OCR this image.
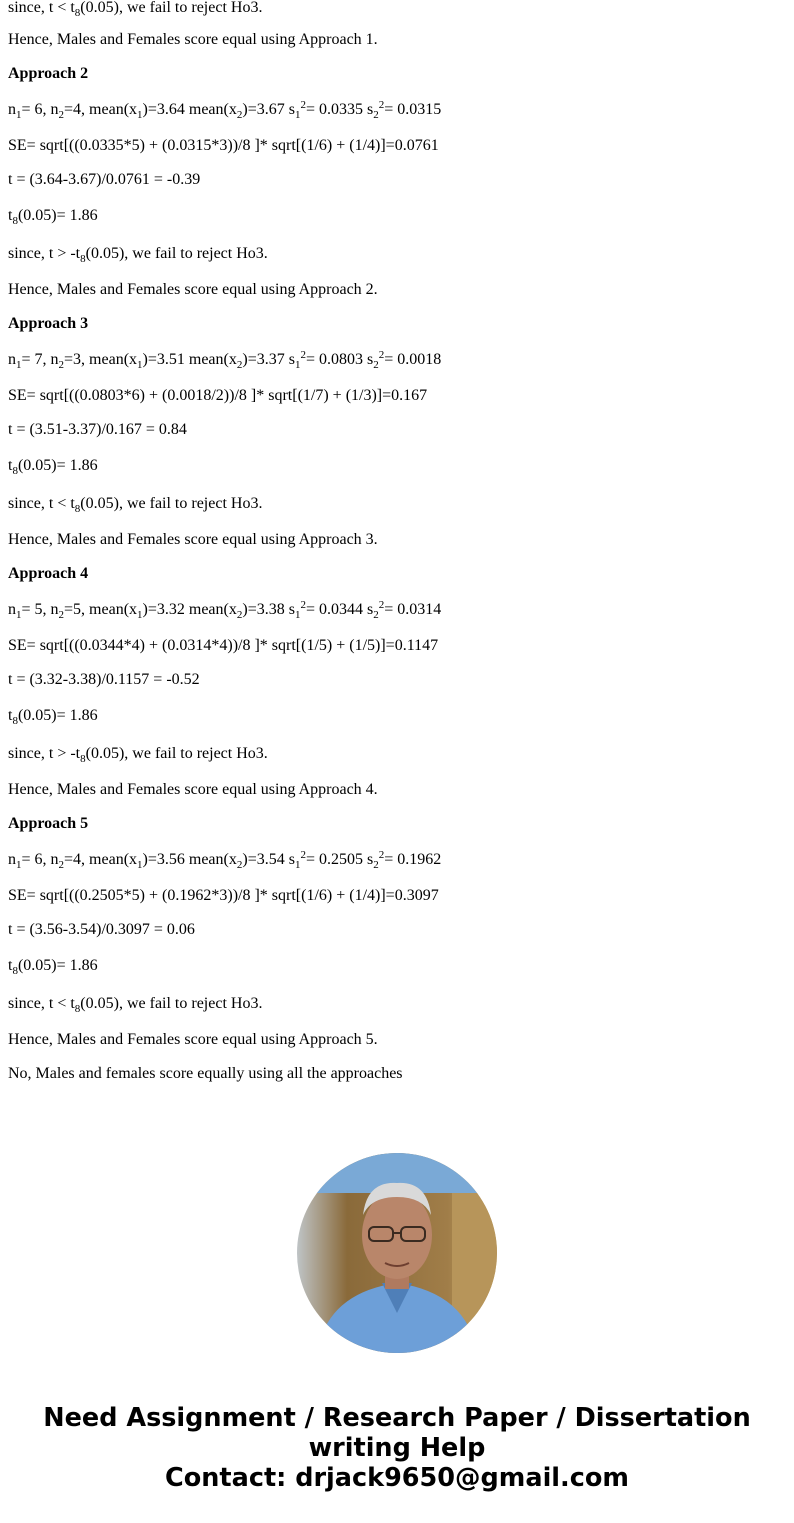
since, $t < t_8(0.05)$, we fail to reject Ho3.
Hence, Males and Females score equal using Approach 1.
Approach 2
$n_1= 6$, $n_2=4$, $mean(x_1)=3.64$ $mean(x_2)=3.67$ $s_1^2= 0.0335$ $s_2^2= 0.0315$
SE= sqrt[((0.0335*5) + (0.0315*3))/8 ]* sqrt[(1/6) + (1/4)]=0.0761
t = (3.64-3.67)/0.0761 = -0.39
$t_8(0.05)= 1.86$
since, $t > -t_8(0.05)$, we fail to reject Ho3.
Hence, Males and Females score equal using Approach 2.
Approach 3
$n_1= 7$, $n_2=3$, $mean(x_1)=3.51$ $mean(x_2)=3.37$ $s_1^2= 0.0803$ $s_2^2= 0.0018$
SE= sqrt[((0.0803*6) + (0.0018/2))/8 ]* sqrt[(1/7) + (1/3)]=0.167
t = (3.51-3.37)/0.167 = 0.84
$t_8(0.05)= 1.86$
since, $t < t_8(0.05)$, we fail to reject Ho3.
Hence, Males and Females score equal using Approach 3.
Approach 4
$n_1= 5$, $n_2=5$, $mean(x_1)=3.32$ $mean(x_2)=3.38$ $s_1^2= 0.0344$ $s_2^2= 0.0314$
SE= sqrt[((0.0344*4) + (0.0314*4))/8 ]* sqrt[(1/5) + (1/5)]=0.1147
t = (3.32-3.38)/0.1157 = -0.52
$t_8(0.05)= 1.86$
since, $t > -t_8(0.05)$, we fail to reject Ho3.
Hence, Males and Females score equal using Approach 4.
Approach 5
$n_1= 6$, $n_2=4$, $mean(x_1)=3.56$ $mean(x_2)=3.54$ $s_1^2= 0.2505$ $s_2^2= 0.1962$
SE= sqrt[((0.2505*5) + (0.1962*3))/8 ]* sqrt[(1/6) + (1/4)]=0.3097
t = (3.56-3.54)/0.3097 = 0.06
$t_8(0.05)= 1.86$
since, $t < t_8(0.05)$, we fail to reject Ho3.
Hence, Males and Females score equal using Approach 5.
No, Males and females score equally using all the approaches
Need Assignment / Research Paper / Dissertation
writing Help
Contact: drjack9650@gmail.com
